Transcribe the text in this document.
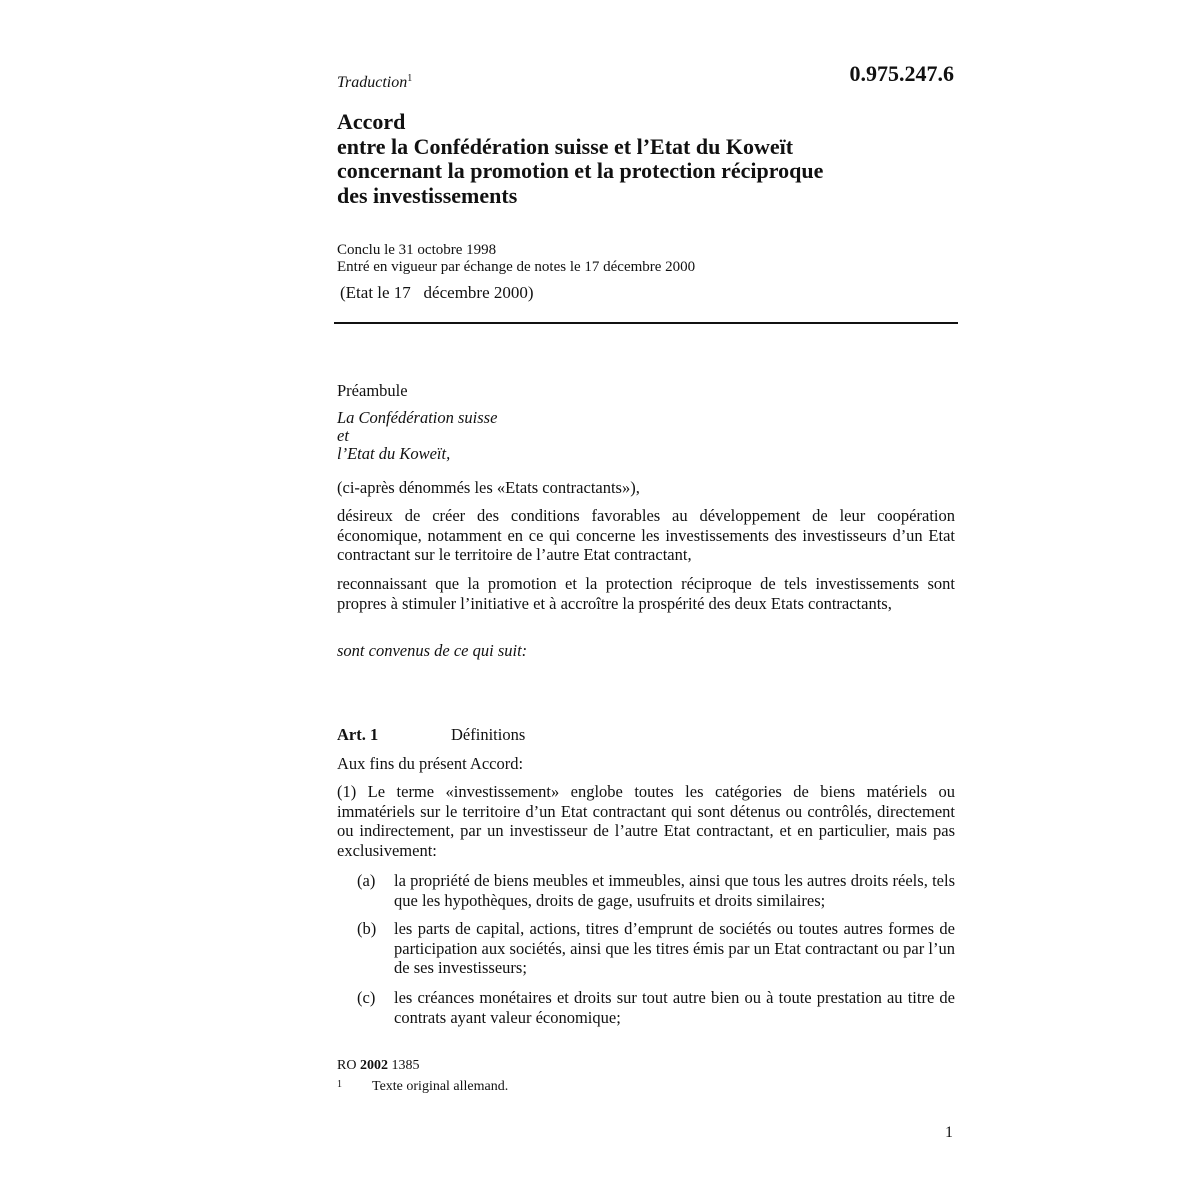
Traduction$^1$	0.975.247.6
Accord
entre la Confédération suisse et l’Etat du Koweït
concernant la promotion et la protection réciproque
des investissements
Conclu le 31 octobre 1998
Entré en vigueur par échange de notes le 17 décembre 2000
(Etat le 17   décembre 2000)
Préambule
La Confédération suisse
et
l’Etat du Koweït,
(ci-après dénommés les «Etats contractants»),
désireux de créer des conditions favorables au développement de leur coopération économique, notamment en ce qui concerne les investissements des investisseurs d’un Etat contractant sur le territoire de l’autre Etat contractant,
reconnaissant que la promotion et la protection réciproque de tels investissements sont propres à stimuler l’initiative et à accroître la prospérité des deux Etats contractants,
sont convenus de ce qui suit:
Art. 1	Définitions
Aux fins du présent Accord:
(1) Le terme «investissement» englobe toutes les catégories de biens matériels ou immatériels sur le territoire d’un Etat contractant qui sont détenus ou contrôlés, directement ou indirectement, par un investisseur de l’autre Etat contractant, et en particulier, mais pas exclusivement:
(a) la propriété de biens meubles et immeubles, ainsi que tous les autres droits réels, tels que les hypothèques, droits de gage, usufruits et droits similaires;
(b) les parts de capital, actions, titres d’emprunt de sociétés ou toutes autres formes de participation aux sociétés, ainsi que les titres émis par un Etat contractant ou par l’un de ses investisseurs;
(c) les créances monétaires et droits sur tout autre bien ou à toute prestation au titre de contrats ayant valeur économique;
RO 2002 1385
$^1$ Texte original allemand.
1
